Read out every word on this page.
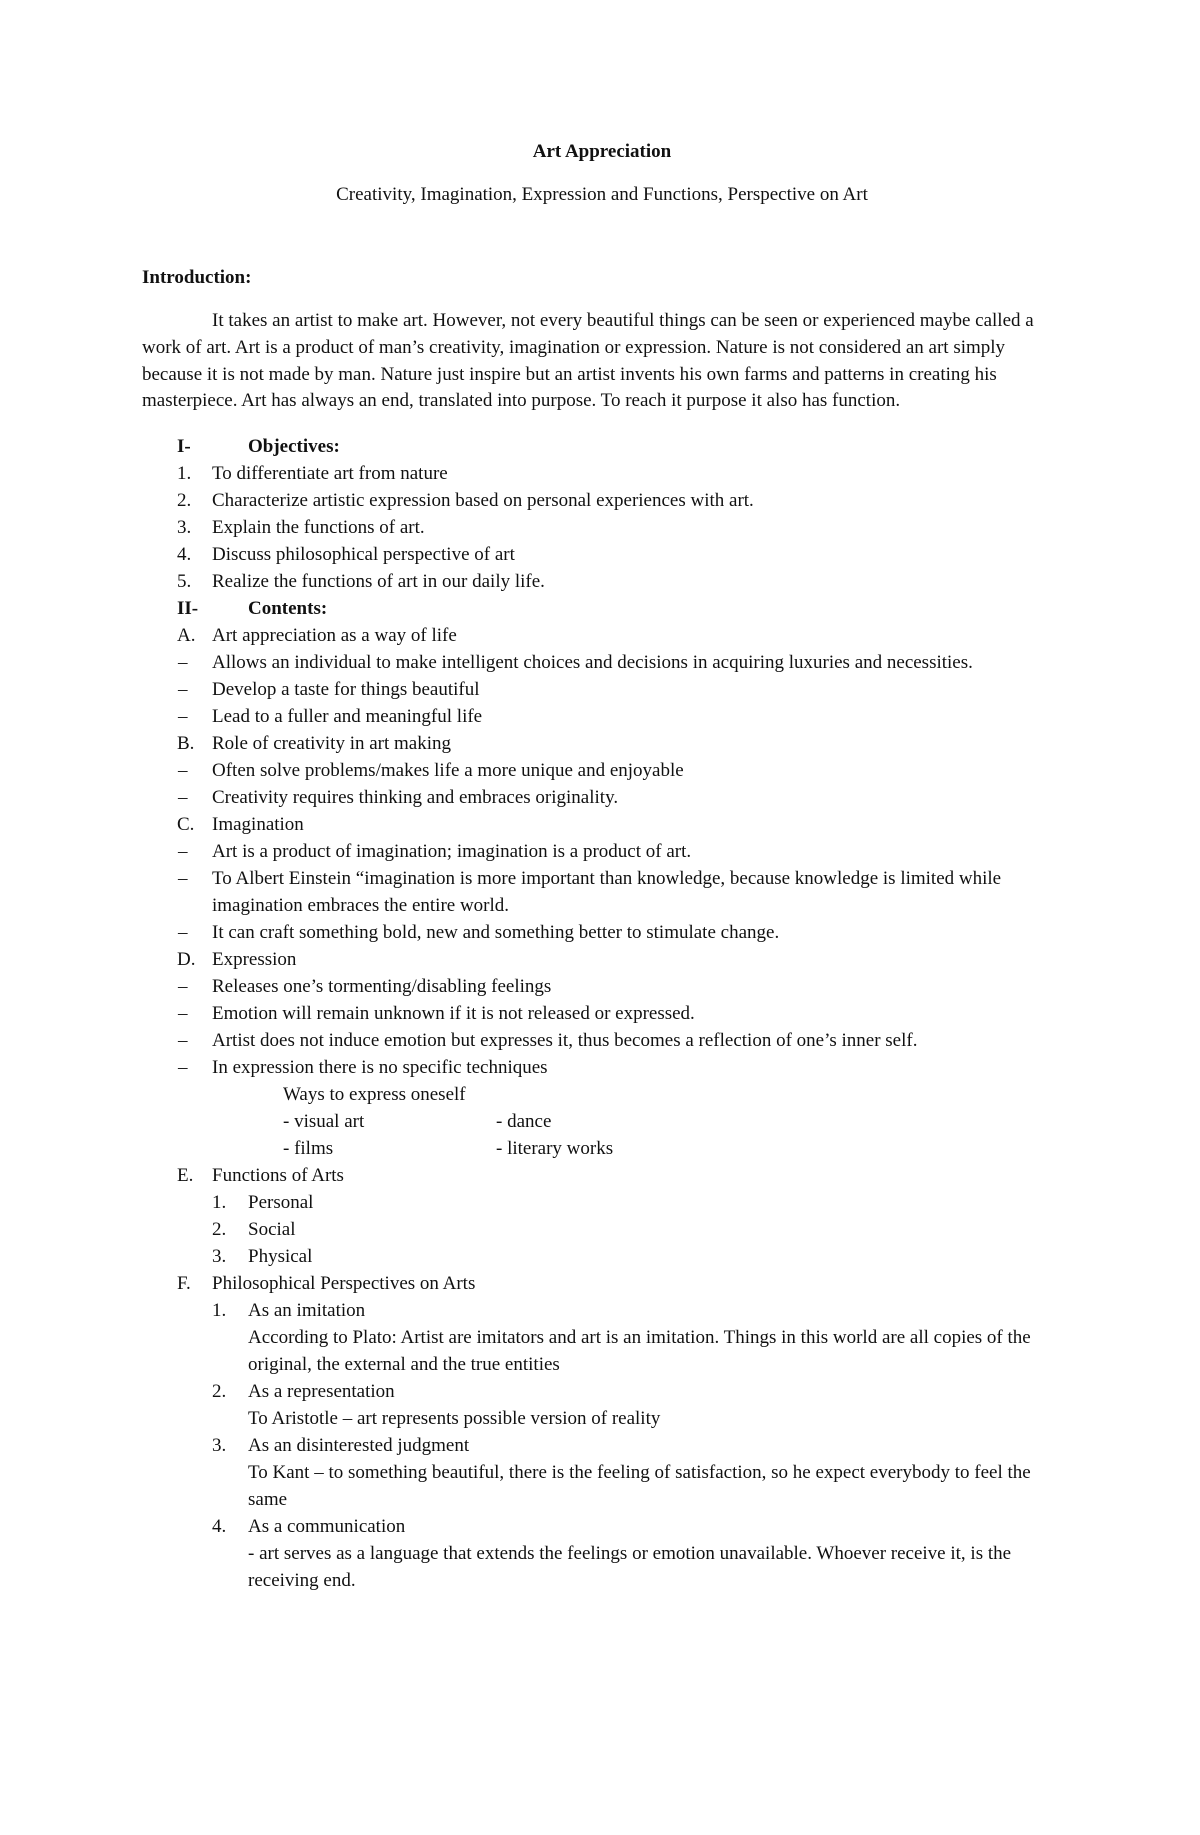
Art Appreciation
Creativity, Imagination, Expression and Functions, Perspective on Art
Introduction:
It takes an artist to make art. However, not every beautiful things can be seen or experienced maybe called a work of art. Art is a product of man’s creativity, imagination or expression. Nature is not considered an art simply because it is not made by man. Nature just inspire but an artist invents his own farms and patterns in creating his masterpiece. Art has always an end, translated into purpose. To reach it purpose it also has function.
I-	Objectives:
1. To differentiate art from nature
2. Characterize artistic expression based on personal experiences with art.
3. Explain the functions of art.
4. Discuss philosophical perspective of art
5. Realize the functions of art in our daily life.
II-	Contents:
A. Art appreciation as a way of life
– Allows an individual to make intelligent choices and decisions in acquiring luxuries and necessities.
– Develop a taste for things beautiful
– Lead to a fuller and meaningful life
B. Role of creativity in art making
– Often solve problems/makes life a more unique and enjoyable
– Creativity requires thinking and embraces originality.
C. Imagination
– Art is a product of imagination; imagination is a product of art.
– To Albert Einstein “imagination is more important than knowledge, because knowledge is limited while imagination embraces the entire world.
– It can craft something bold, new and something better to stimulate change.
D. Expression
– Releases one’s tormenting/disabling feelings
– Emotion will remain unknown if it is not released or expressed.
– Artist does not induce emotion but expresses it, thus becomes a reflection of one’s inner self.
– In expression there is no specific techniques
Ways to express oneself
- visual art	- dance
- films	- literary works
E. Functions of Arts
1. Personal
2. Social
3. Physical
F. Philosophical Perspectives on Arts
1. As an imitation
According to Plato: Artist are imitators and art is an imitation. Things in this world are all copies of the original, the external and the true entities
2. As a representation
To Aristotle – art represents possible version of reality
3. As an disinterested judgment
To Kant – to something beautiful, there is the feeling of satisfaction, so he expect everybody to feel the same
4. As a communication
- art serves as a language that extends the feelings or emotion unavailable. Whoever receive it, is the receiving end.
